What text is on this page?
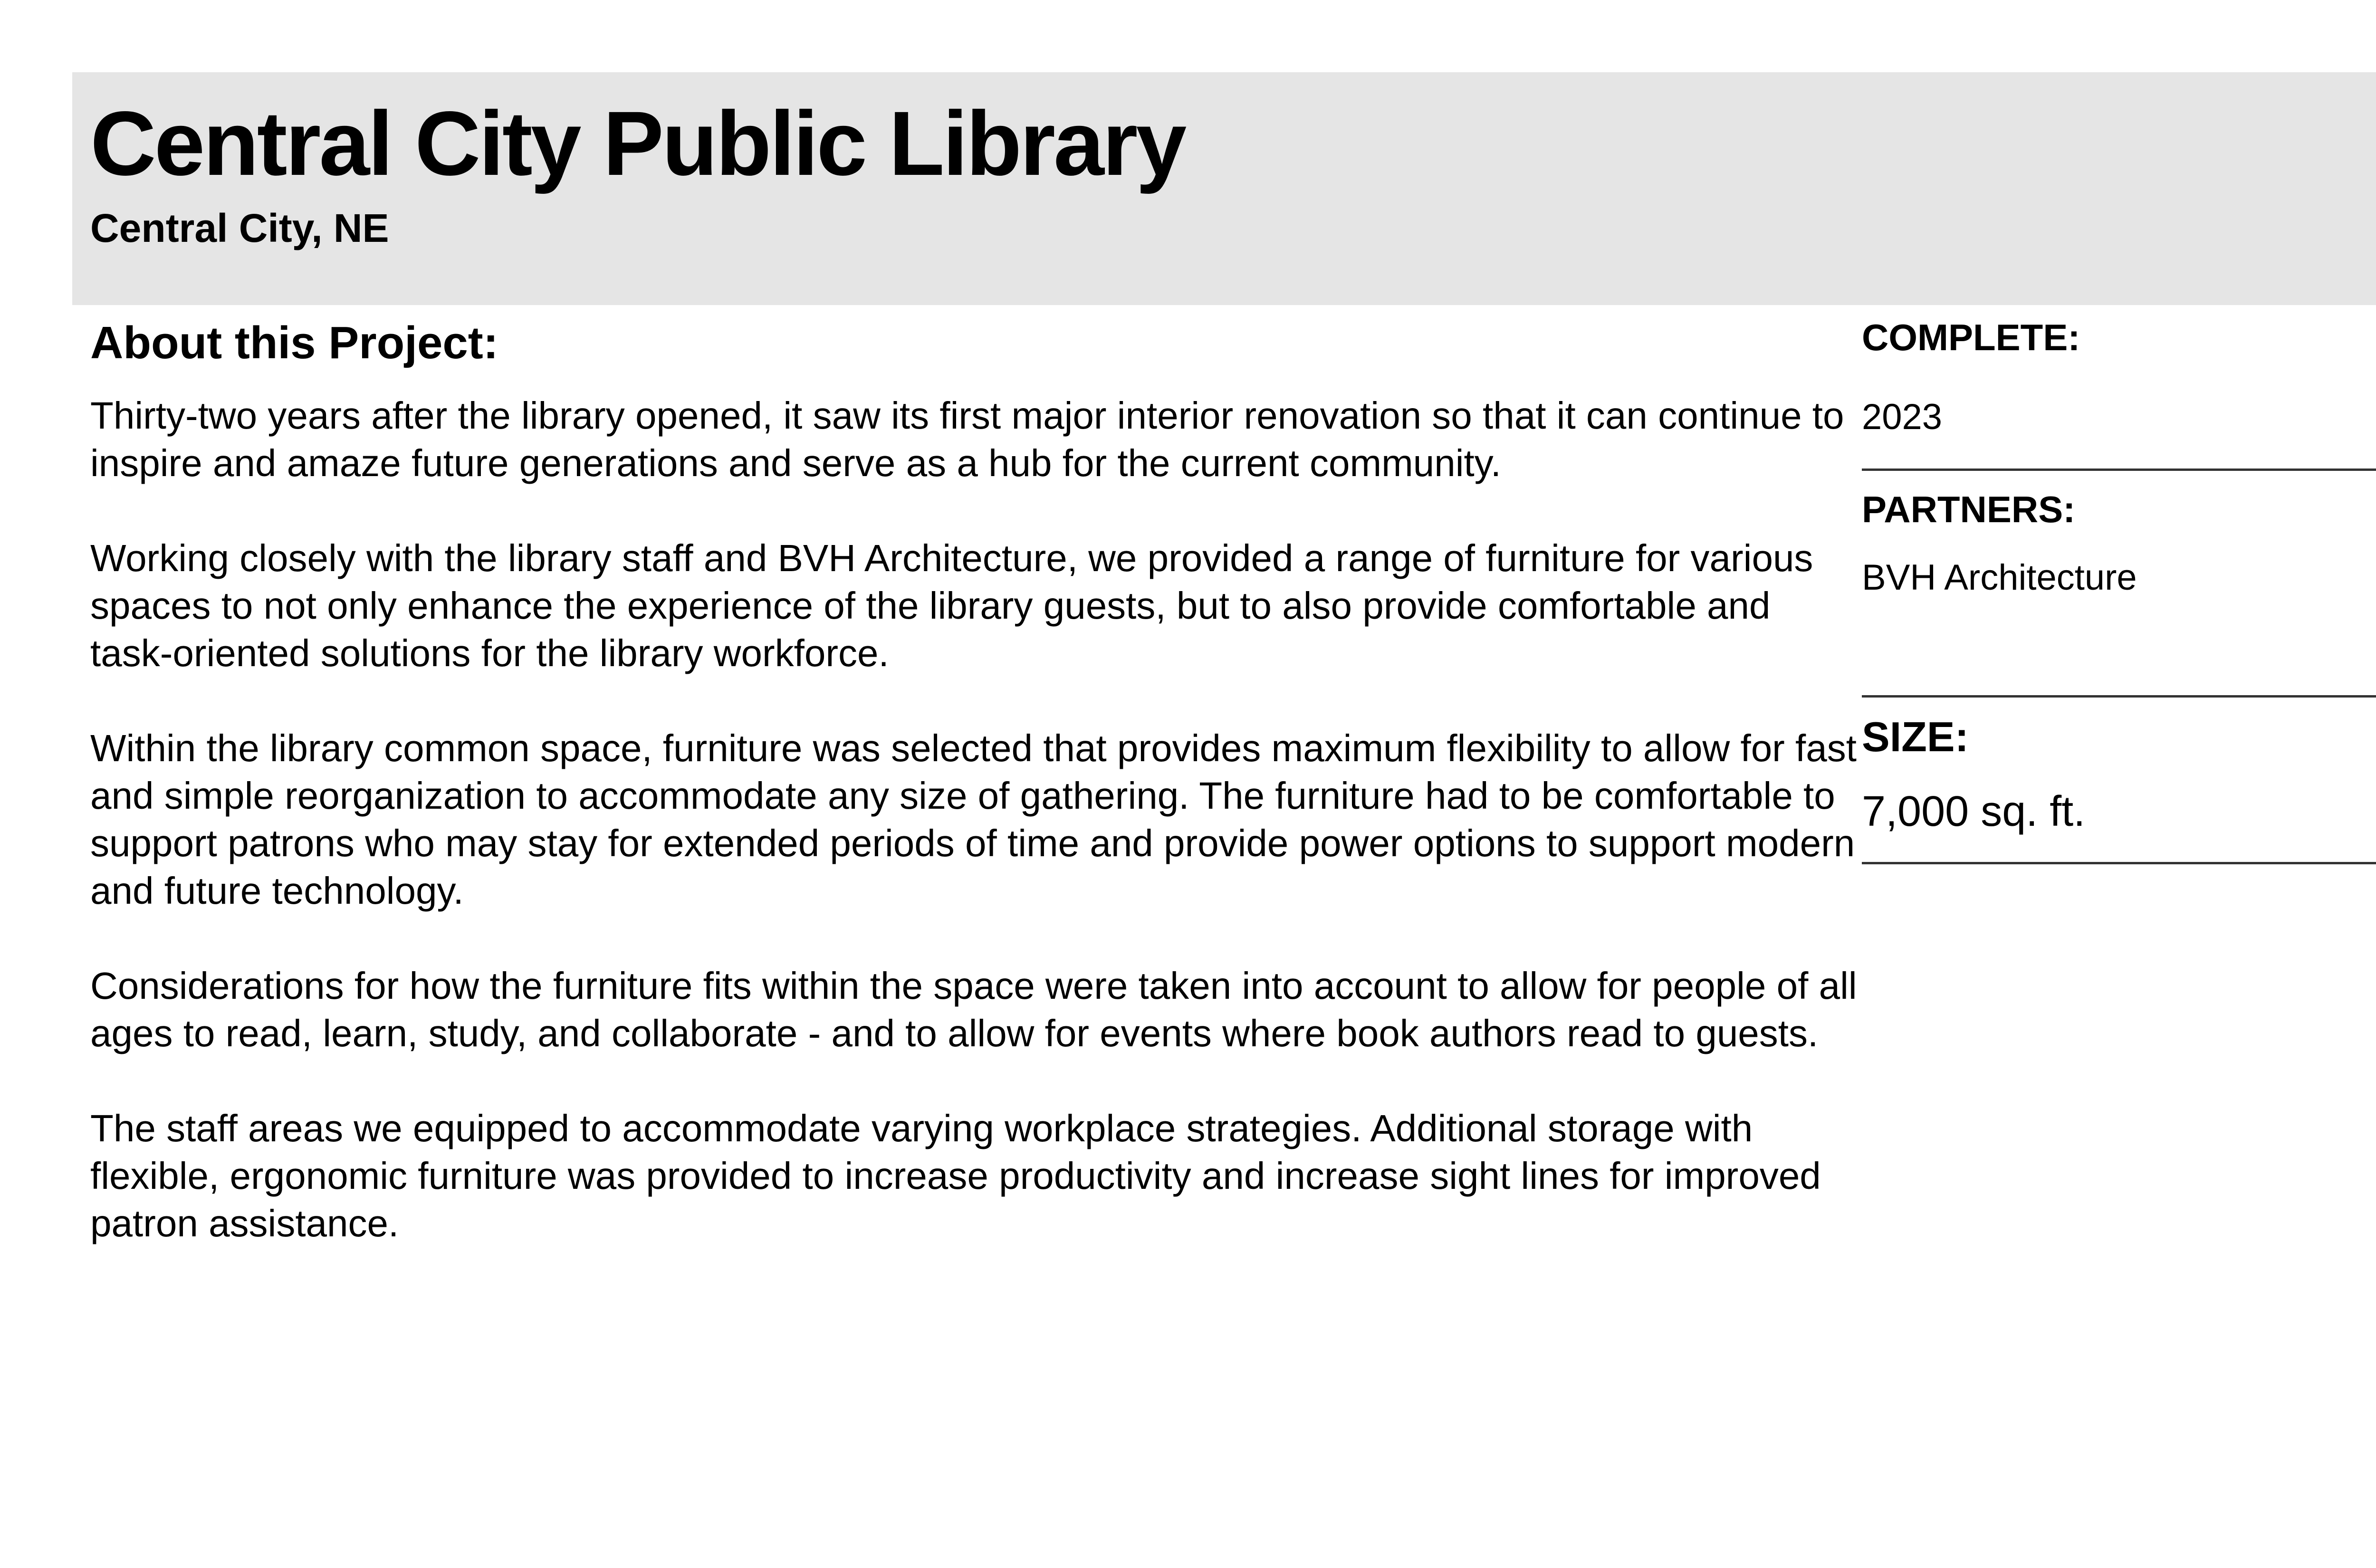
Central City Public Library

Central City, NE

About this Project:

Thirty-two years after the library opened, it saw its first major interior renovation so that it can continue to inspire and amaze future generations and serve as a hub for the current community.

Working closely with the library staff and BVH Architecture, we provided a range of furniture for various spaces to not only enhance the experience of the library guests, but to also provide comfortable and task-oriented solutions for the library workforce.

Within the library common space, furniture was selected that provides maximum flexibility to allow for fast and simple reorganization to accommodate any size of gathering. The furniture had to be comfortable to support patrons who may stay for extended periods of time and provide power options to support modern and future technology.

Considerations for how the furniture fits within the space were taken into account to allow for people of all ages to read, learn, study, and collaborate - and to allow for events where book authors read to guests.

The staff areas we equipped to accommodate varying workplace strategies. Additional storage with flexible, ergonomic furniture was provided to increase productivity and increase sight lines for improved patron assistance.

COMPLETE:

2023

PARTNERS:

BVH Architecture

SIZE:

7,000 sq. ft.
